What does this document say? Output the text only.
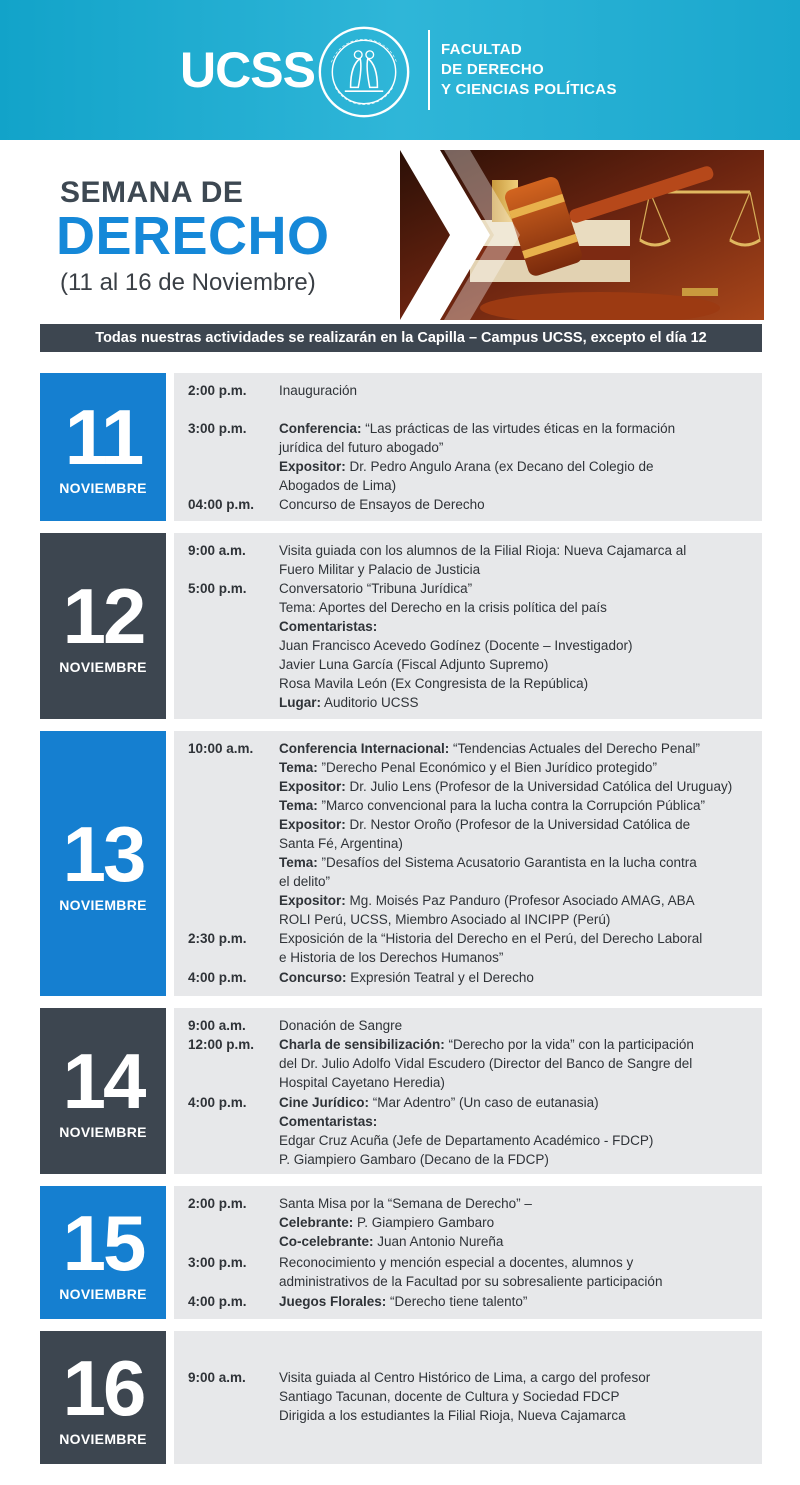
UCSS	FACULTAD
DE DERECHO
Y CIENCIAS POLÍTICAS
SEMANA DE
DERECHO
(11 al 16 de Noviembre)
Todas nuestras actividades se realizarán en la Capilla – Campus UCSS, excepto el día 12
11
NOVIEMBRE
2:00 p.m. Inauguración
3:00 p.m. Conferencia: “Las prácticas de las virtudes éticas en la formación
jurídica del futuro abogado”
Expositor: Dr. Pedro Angulo Arana (ex Decano del Colegio de
Abogados de Lima)
04:00 p.m. Concurso de Ensayos de Derecho
12
NOVIEMBRE
9:00 a.m. Visita guiada con los alumnos de la Filial Rioja: Nueva Cajamarca al
Fuero Militar y Palacio de Justicia
5:00 p.m. Conversatorio “Tribuna Jurídica”
Tema: Aportes del Derecho en la crisis política del país
Comentaristas:
Juan Francisco Acevedo Godínez (Docente – Investigador)
Javier Luna García (Fiscal Adjunto Supremo)
Rosa Mavila León (Ex Congresista de la República)
Lugar: Auditorio UCSS
13
NOVIEMBRE
10:00 a.m. Conferencia Internacional: “Tendencias Actuales del Derecho Penal”
Tema: ”Derecho Penal Económico y el Bien Jurídico protegido”
Expositor: Dr. Julio Lens (Profesor de la Universidad Católica del Uruguay)
Tema: ”Marco convencional para la lucha contra la Corrupción Pública”
Expositor: Dr. Nestor Oroño (Profesor de la Universidad Católica de
Santa Fé, Argentina)
Tema: ”Desafíos del Sistema Acusatorio Garantista en la lucha contra
el delito”
Expositor: Mg. Moisés Paz Panduro (Profesor Asociado AMAG, ABA
ROLI Perú, UCSS, Miembro Asociado al INCIPP (Perú)
2:30 p.m. Exposición de la “Historia del Derecho en el Perú, del Derecho Laboral
e Historia de los Derechos Humanos”
4:00 p.m. Concurso: Expresión Teatral y el Derecho
14
NOVIEMBRE
9:00 a.m. Donación de Sangre
12:00 p.m. Charla de sensibilización: “Derecho por la vida” con la participación
del Dr. Julio Adolfo Vidal Escudero (Director del Banco de Sangre del
Hospital Cayetano Heredia)
4:00 p.m. Cine Jurídico: “Mar Adentro” (Un caso de eutanasia)
Comentaristas:
Edgar Cruz Acuña (Jefe de Departamento Académico - FDCP)
P. Giampiero Gambaro (Decano de la FDCP)
15
NOVIEMBRE
2:00 p.m. Santa Misa por la “Semana de Derecho” –
Celebrante: P. Giampiero Gambaro
Co-celebrante: Juan Antonio Nureña
3:00 p.m. Reconocimiento y mención especial a docentes, alumnos y
administrativos de la Facultad por su sobresaliente participación
4:00 p.m. Juegos Florales: “Derecho tiene talento”
16
NOVIEMBRE
9:00 a.m. Visita guiada al Centro Histórico de Lima, a cargo del profesor
Santiago Tacunan, docente de Cultura y Sociedad FDCP
Dirigida a los estudiantes la Filial Rioja, Nueva Cajamarca
